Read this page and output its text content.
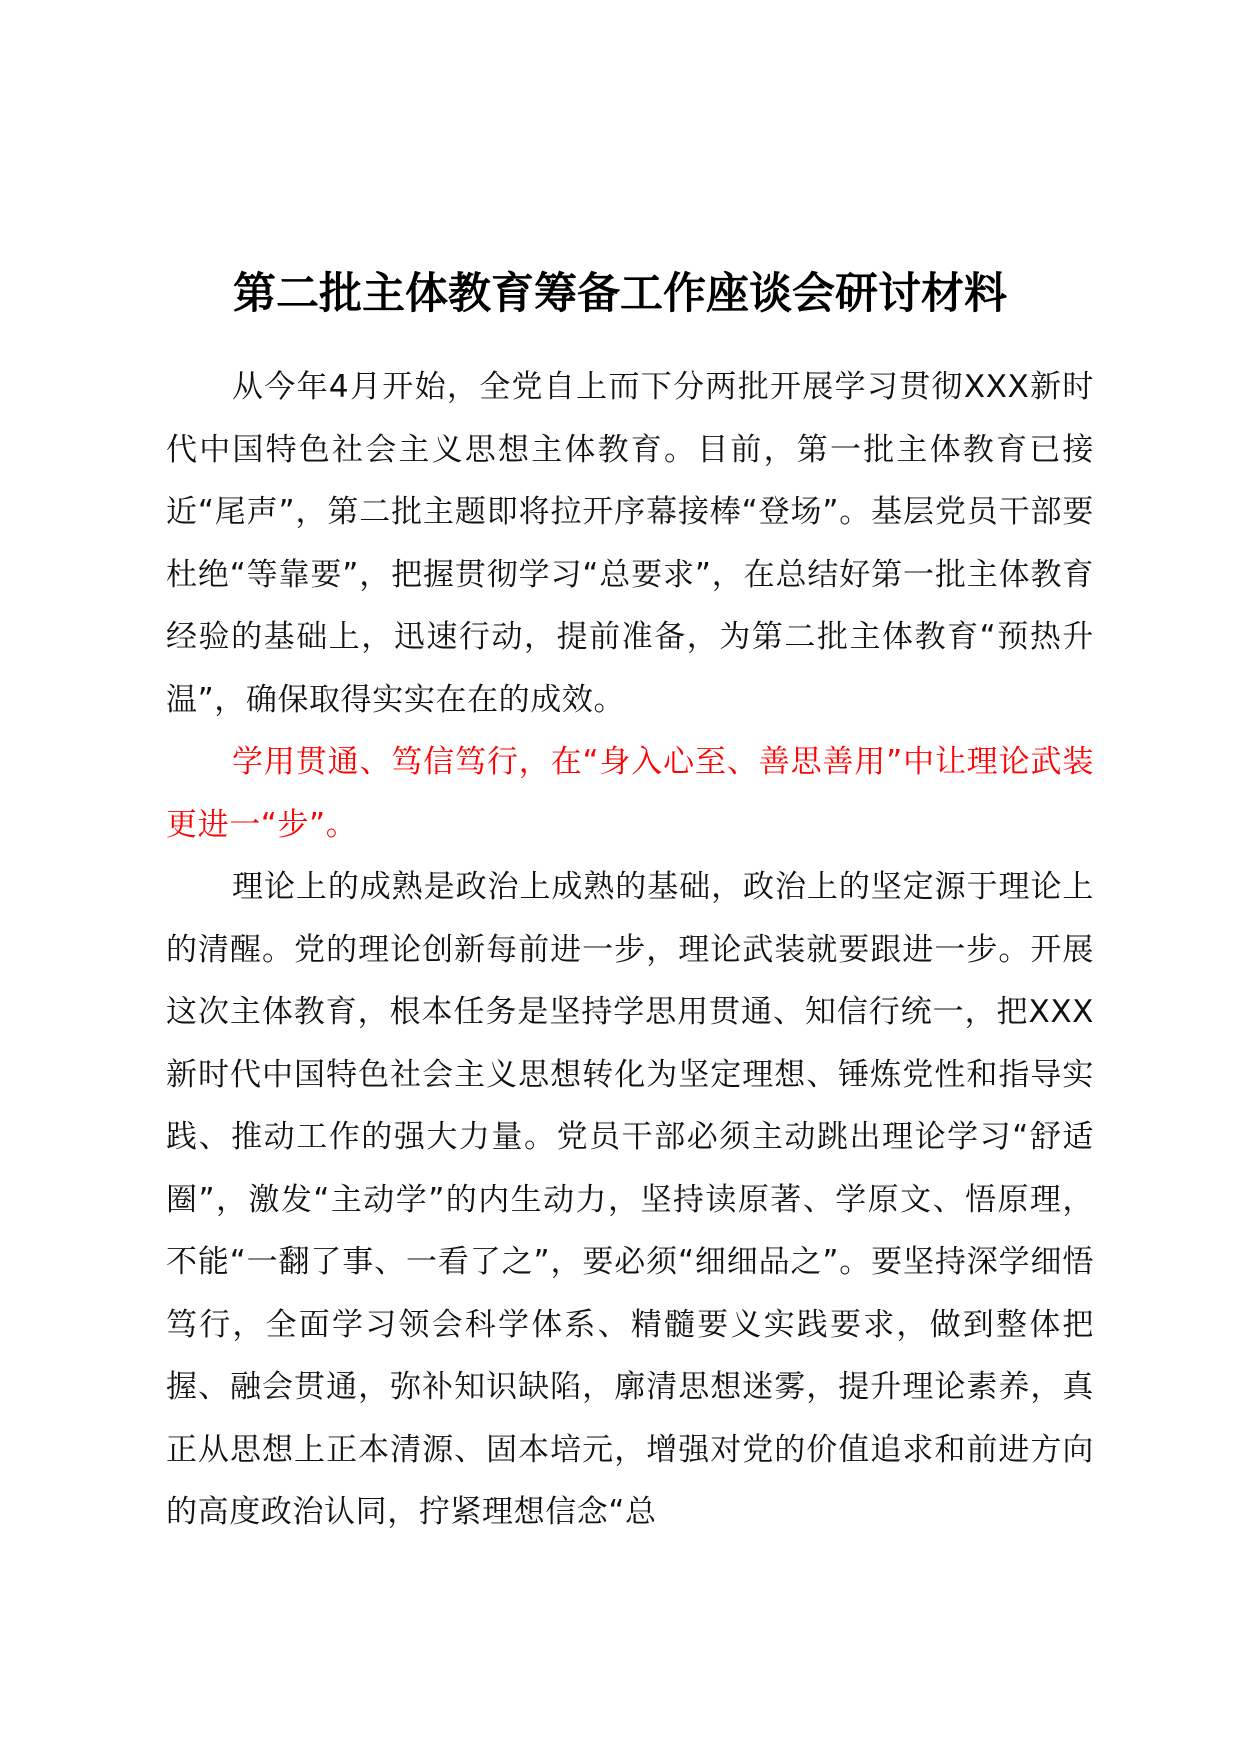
第二批主体教育筹备工作座谈会研讨材料

从今年4月开始，全党自上而下分两批开展学习贯彻XXX新时代中国特色社会主义思想主体教育。目前，第一批主体教育已接近“尾声”，第二批主题即将拉开序幕接棒“登场”。基层党员干部要杜绝“等靠要”，把握贯彻学习“总要求”，在总结好第一批主体教育经验的基础上，迅速行动，提前准备，为第二批主体教育“预热升温”，确保取得实实在在的成效。

学用贯通、笃信笃行，在“身入心至、善思善用”中让理论武装更进一“步”。

理论上的成熟是政治上成熟的基础，政治上的坚定源于理论上的清醒。党的理论创新每前进一步，理论武装就要跟进一步。开展这次主体教育，根本任务是坚持学思用贯通、知信行统一，把XXX新时代中国特色社会主义思想转化为坚定理想、锤炼党性和指导实践、推动工作的强大力量。党员干部必须主动跳出理论学习“舒适圈”，激发“主动学”的内生动力，坚持读原著、学原文、悟原理，不能“一翻了事、一看了之”，要必须“细细品之”。要坚持深学细悟笃行，全面学习领会科学体系、精髓要义实践要求，做到整体把握、融会贯通，弥补知识缺陷，廓清思想迷雾，提升理论素养，真正从思想上正本清源、固本培元，增强对党的价值追求和前进方向的高度政治认同，拧紧理想信念“总
